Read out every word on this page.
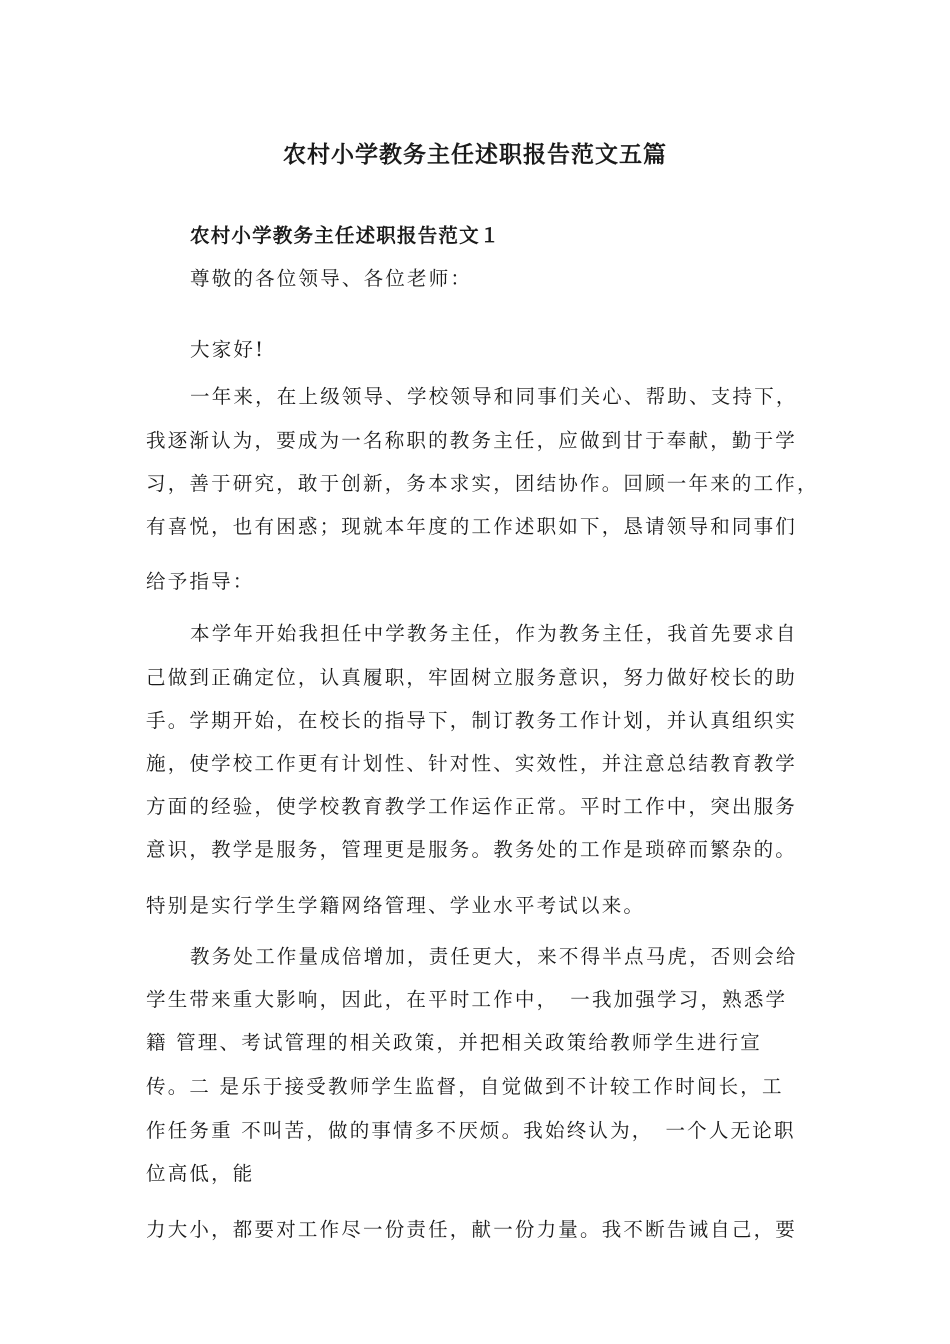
农村小学教务主任述职报告范文五篇
农村小学教务主任述职报告范文１
尊敬的各位领导、各位老师：
大家好!
一年来，在上级领导、学校领导和同事们关心、帮助、支持下，
我逐渐认为，要成为一名称职的教务主任，应做到甘于奉献，勤于学
习，善于研究，敢于创新，务本求实，团结协作。回顾一年来的工作，
有喜悦，也有困惑；现就本年度的工作述职如下，恳请领导和同事们
给予指导：
本学年开始我担任中学教务主任，作为教务主任，我首先要求自
己做到正确定位，认真履职，牢固树立服务意识，努力做好校长的助
手。学期开始，在校长的指导下，制订教务工作计划，并认真组织实
施，使学校工作更有计划性、针对性、实效性，并注意总结教育教学
方面的经验，使学校教育教学工作运作正常。平时工作中，突出服务
意识，教学是服务，管理更是服务。教务处的工作是琐碎而繁杂的。
特别是实行学生学籍网络管理、学业水平考试以来。
教务处工作量成倍增加，责任更大，来不得半点马虎，否则会给
学生带来重大影响，因此，在平时工作中，　一我加强学习，熟悉学
籍 管理、考试管理的相关政策，并把相关政策给教师学生进行宣
传。二 是乐于接受教师学生监督，自觉做到不计较工作时间长，工
作任务重 不叫苦，做的事情多不厌烦。我始终认为，　一个人无论职
位高低，能
力大小，都要对工作尽一份责任，献一份力量。我不断告诫自己，要
